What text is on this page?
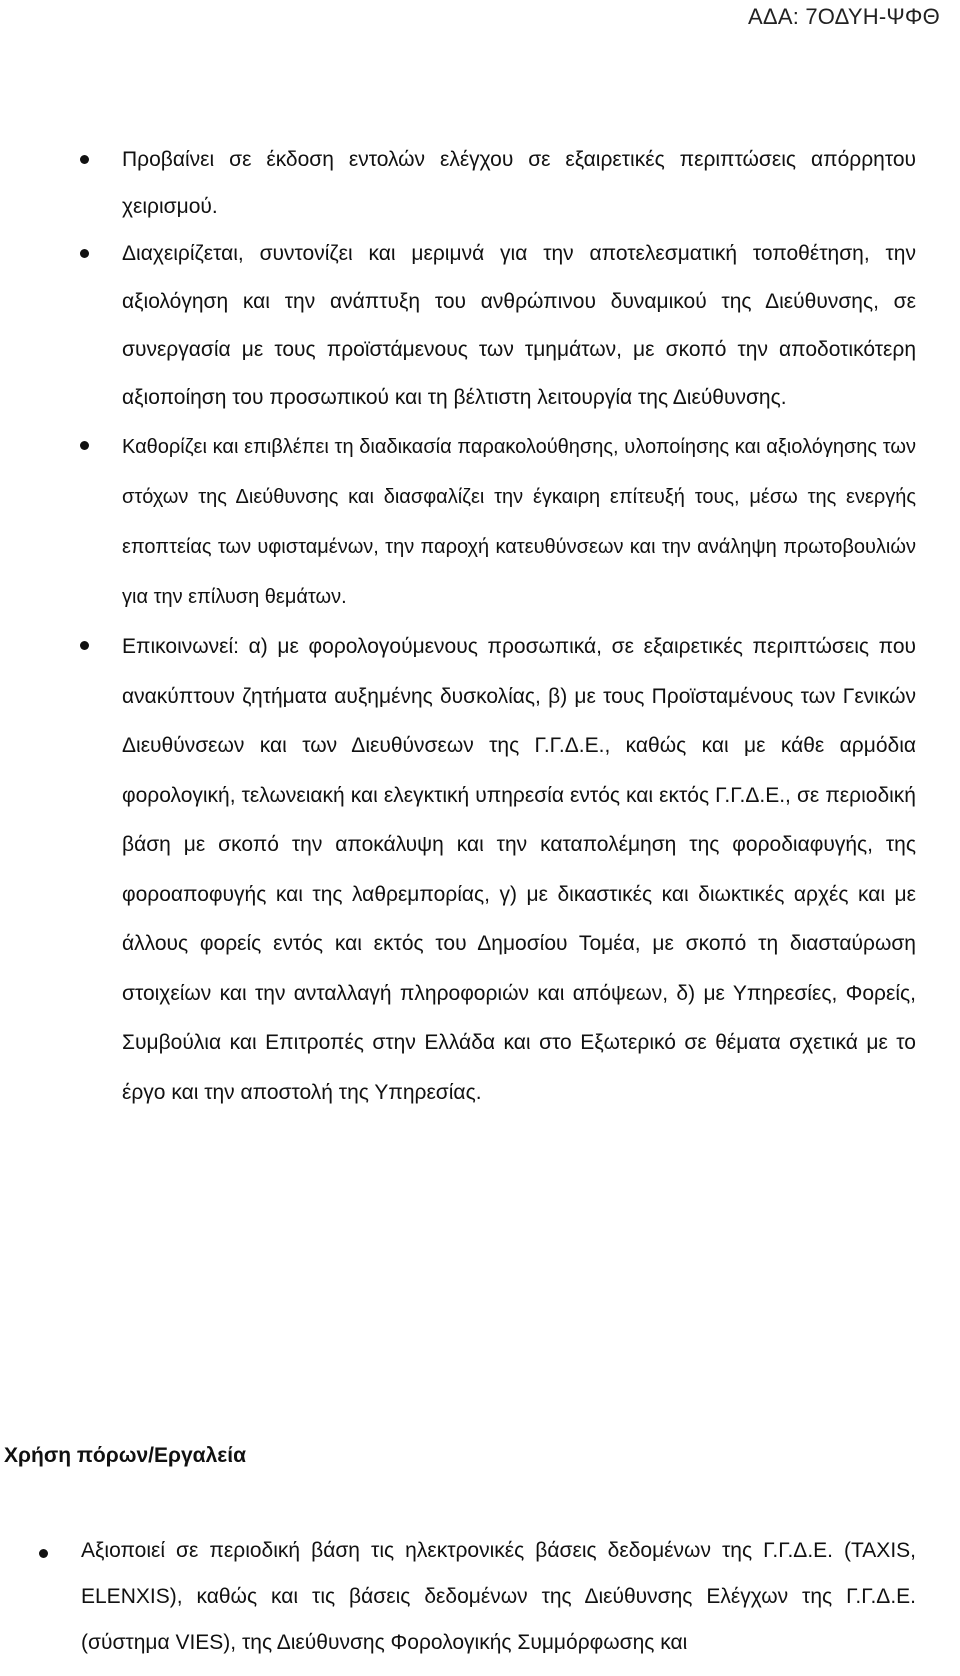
ΑΔΑ: 7ΟΔΥΗ-ΨΦΘ
Προβαίνει σε έκδοση εντολών ελέγχου σε εξαιρετικές περιπτώσεις απόρρητου χειρισμού.
Διαχειρίζεται, συντονίζει και μεριμνά για την αποτελεσματική τοποθέτηση, την αξιολόγηση και την ανάπτυξη του ανθρώπινου δυναμικού της Διεύθυνσης, σε συνεργασία με τους προϊστάμενους των τμημάτων, με σκοπό την αποδοτικότερη αξιοποίηση του προσωπικού και τη βέλτιστη λειτουργία της Διεύθυνσης.
Καθορίζει και επιβλέπει τη διαδικασία παρακολούθησης, υλοποίησης και αξιολόγησης των στόχων της Διεύθυνσης και διασφαλίζει την έγκαιρη επίτευξή τους, μέσω της ενεργής εποπτείας των υφισταμένων, την παροχή κατευθύνσεων και την ανάληψη πρωτοβουλιών για την επίλυση θεμάτων.
Επικοινωνεί: α) με φορολογούμενους προσωπικά, σε εξαιρετικές περιπτώσεις που ανακύπτουν ζητήματα αυξημένης δυσκολίας, β) με τους Προϊσταμένους των Γενικών Διευθύνσεων και των Διευθύνσεων της Γ.Γ.Δ.Ε., καθώς και με κάθε αρμόδια φορολογική, τελωνειακή και ελεγκτική υπηρεσία εντός και εκτός Γ.Γ.Δ.Ε., σε περιοδική βάση με σκοπό την αποκάλυψη και την καταπολέμηση της φοροδιαφυγής, της φοροαποφυγής και της λαθρεμπορίας, γ) με δικαστικές και διωκτικές αρχές και με άλλους φορείς εντός και εκτός του Δημοσίου Τομέα, με σκοπό τη διασταύρωση στοιχείων και την ανταλλαγή πληροφοριών και απόψεων, δ) με Υπηρεσίες, Φορείς, Συμβούλια και Επιτροπές στην Ελλάδα και στο Εξωτερικό σε θέματα σχετικά με το έργο και την αποστολή της Υπηρεσίας.
Χρήση πόρων/Εργαλεία
Αξιοποιεί σε περιοδική βάση τις ηλεκτρονικές βάσεις δεδομένων της Γ.Γ.Δ.Ε. (TAXIS, ELENXIS), καθώς και τις βάσεις δεδομένων της Διεύθυνσης Ελέγχων της Γ.Γ.Δ.Ε. (σύστημα VIES), της Διεύθυνσης Φορολογικής Συμμόρφωσης και
